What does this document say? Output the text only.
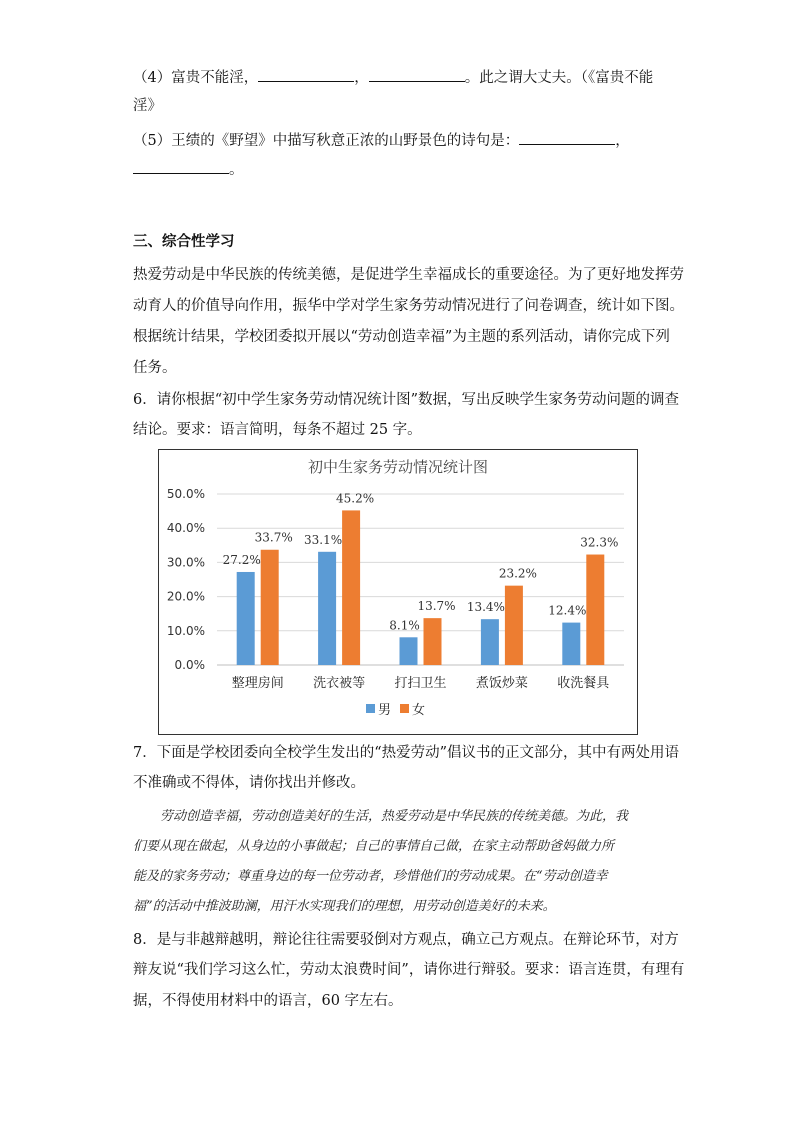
（4）富贵不能淫，	，	。此之谓大丈夫。（《富贵不能
淫》
（5）王绩的《野望》中描写秋意正浓的山野景色的诗句是：	，
。
三、综合性学习
热爱劳动是中华民族的传统美德，是促进学生幸福成长的重要途径。为了更好地发挥劳
动育人的价值导向作用，振华中学对学生家务劳动情况进行了问卷调查，统计如下图。
根据统计结果，学校团委拟开展以“劳动创造幸福”为主题的系列活动，请你完成下列
任务。
6．请你根据“初中学生家务劳动情况统计图”数据，写出反映学生家务劳动问题的调查
结论。要求：语言简明，每条不超过 25 字。
初中生家务劳动情况统计图
0.0%
10.0%
20.0%
30.0%
40.0%
50.0%
27.2%
33.7%
整理房间
33.1%
45.2%
洗衣被等
8.1%
13.7%
打扫卫生
13.4%
23.2%
煮饭炒菜
12.4%
32.3%
收洗餐具
男 女
7．下面是学校团委向全校学生发出的“热爱劳动”倡议书的正文部分，其中有两处用语
不准确或不得体，请你找出并修改。
劳动创造幸福，劳动创造美好的生活，热爱劳动是中华民族的传统美德。为此，我
们要从现在做起，从身边的小事做起；自己的事情自己做，在家主动帮助爸妈做力所
能及的家务劳动；尊重身边的每一位劳动者，珍惜他们的劳动成果。在“劳动创造幸
福”的活动中推波助澜，用汗水实现我们的理想，用劳动创造美好的未来。
8．是与非越辩越明，辩论往往需要驳倒对方观点，确立己方观点。在辩论环节，对方
辩友说“我们学习这么忙，劳动太浪费时间”，请你进行辩驳。要求：语言连贯，有理有
据，不得使用材料中的语言，60 字左右。
